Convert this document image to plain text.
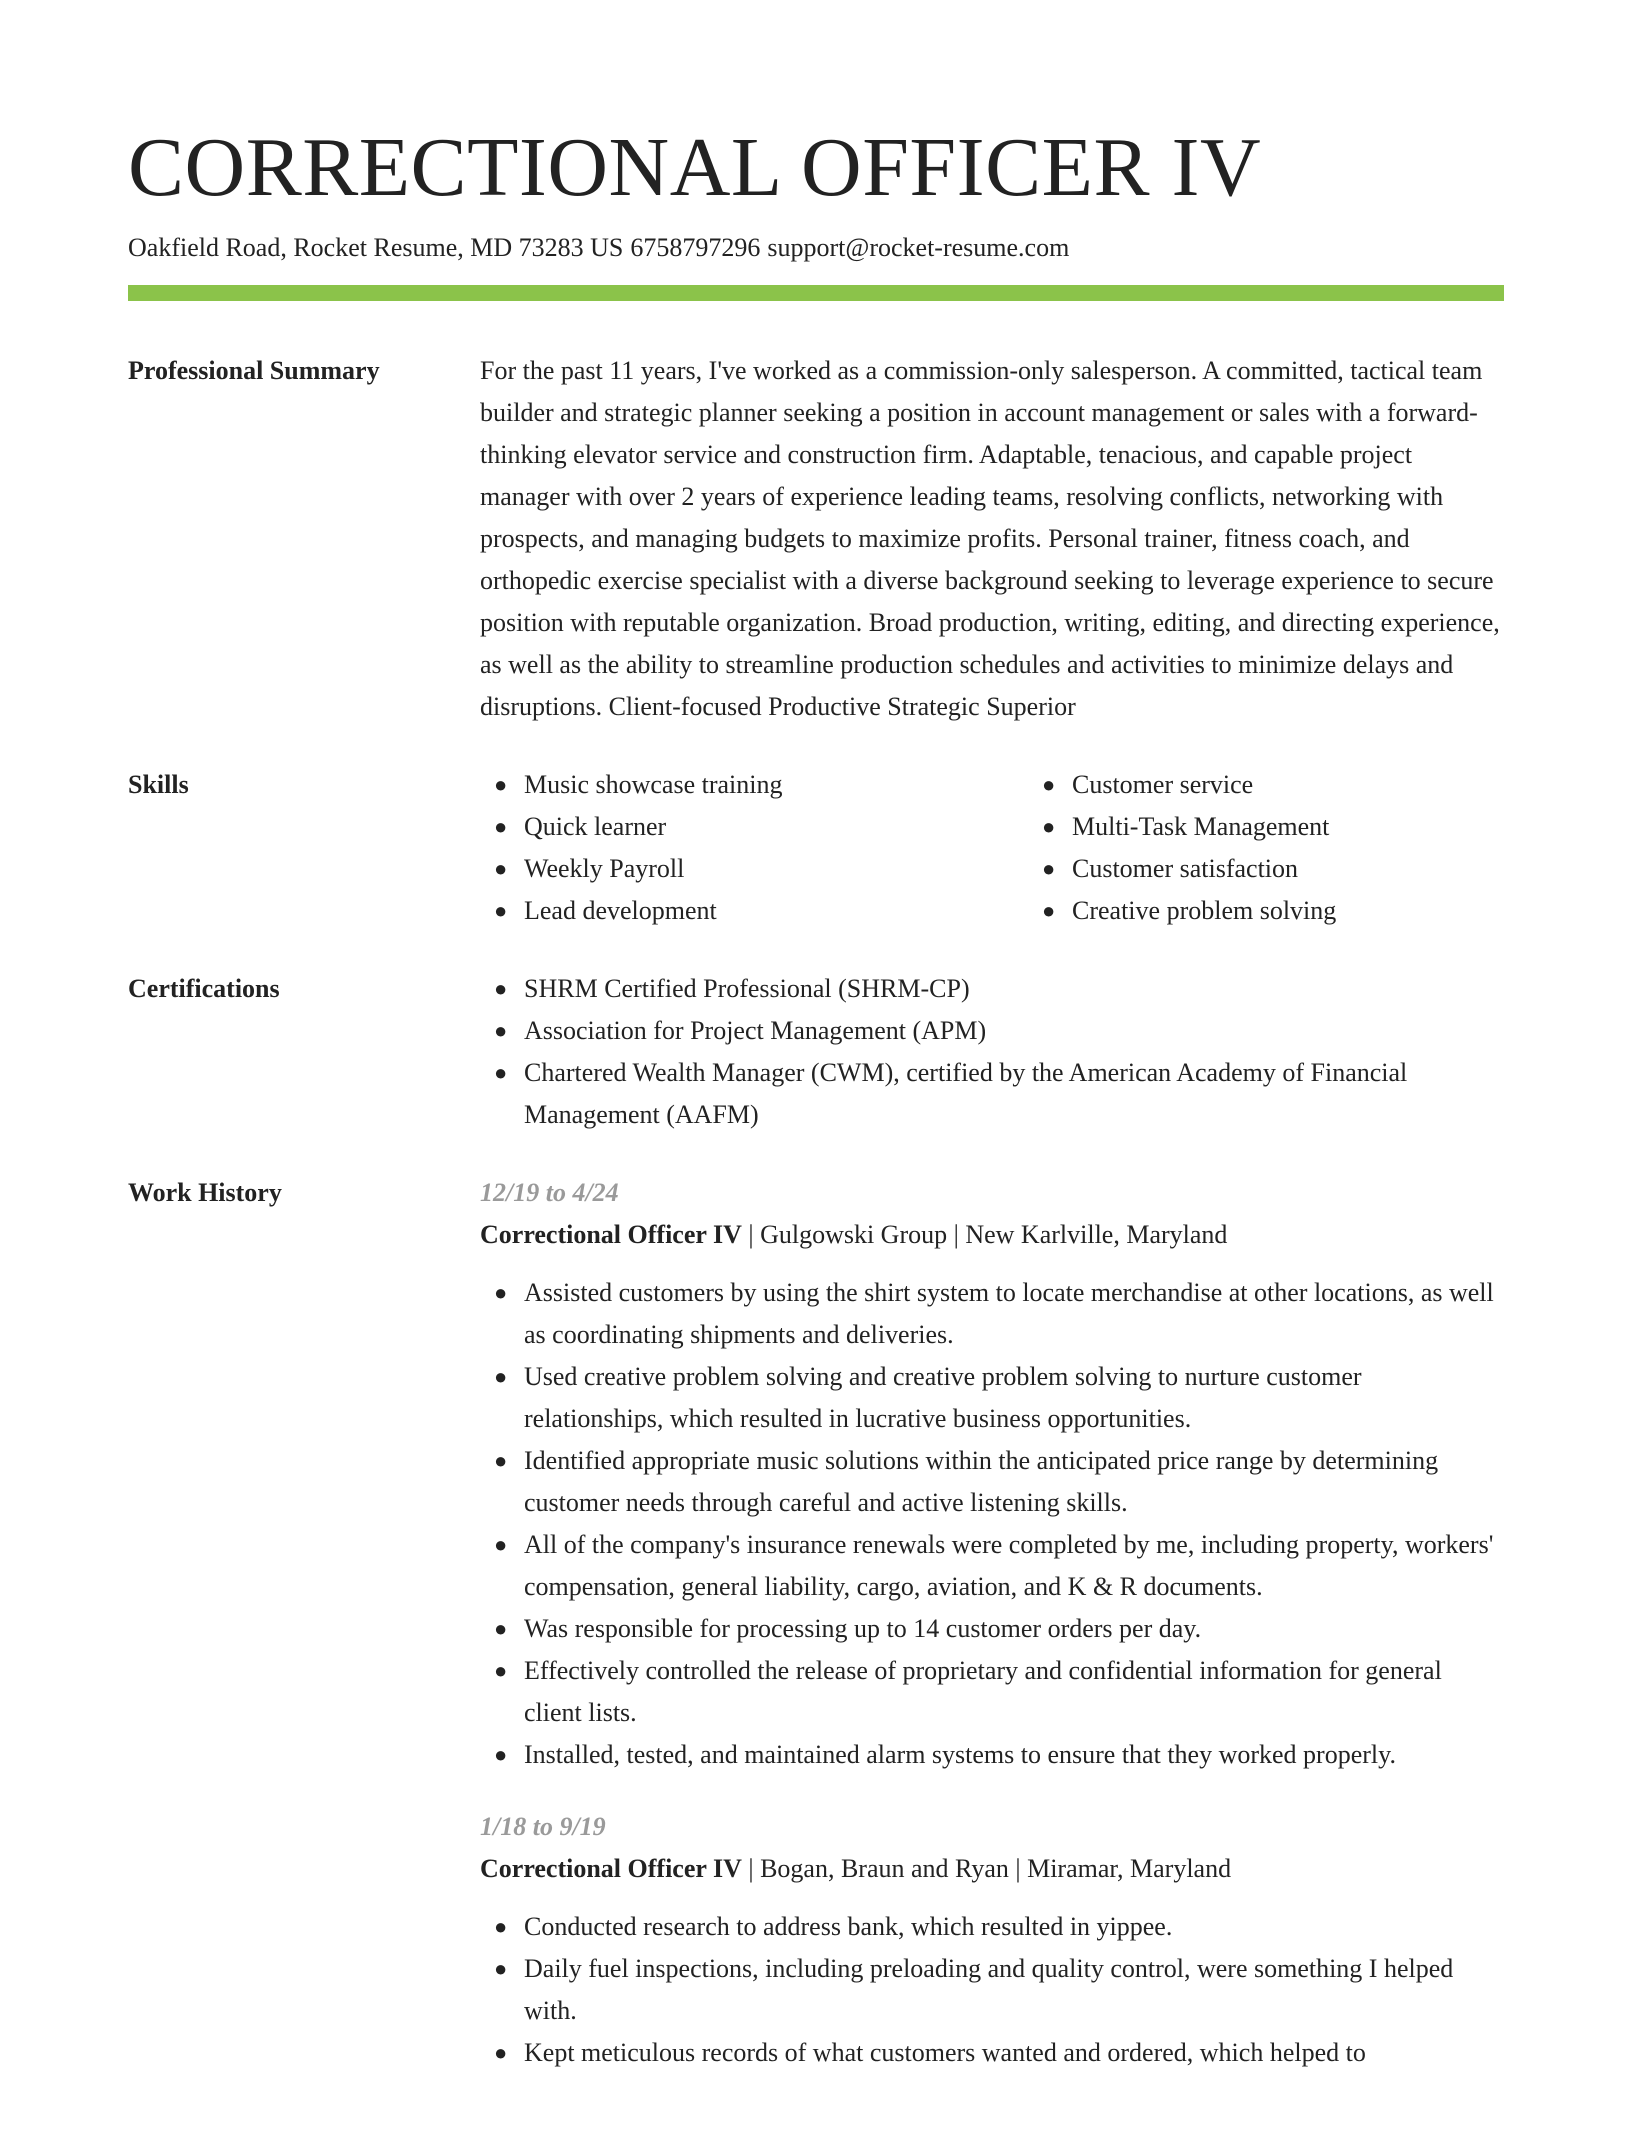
CORRECTIONAL OFFICER IV
Oakfield Road, Rocket Resume, MD 73283 US 6758797296 support@rocket-resume.com
Professional Summary	For the past 11 years, I've worked as a commission-only salesperson. A committed, tactical team builder and strategic planner seeking a position in account management or sales with a forward-thinking elevator service and construction firm. Adaptable, tenacious, and capable project manager with over 2 years of experience leading teams, resolving conflicts, networking with prospects, and managing budgets to maximize profits. Personal trainer, fitness coach, and orthopedic exercise specialist with a diverse background seeking to leverage experience to secure position with reputable organization. Broad production, writing, editing, and directing experience, as well as the ability to streamline production schedules and activities to minimize delays and disruptions. Client-focused Productive Strategic Superior

Skills	● Music showcase training
● Quick learner
● Weekly Payroll
● Lead development
● Customer service
● Multi-Task Management
● Customer satisfaction
● Creative problem solving
Certifications	● SHRM Certified Professional (SHRM-CP)
● Association for Project Management (APM)
● Chartered Wealth Manager (CWM), certified by the American Academy of Financial Management (AAFM)
Work History	12/19 to 4/24
Correctional Officer IV | Gulgowski Group | New Karlville, Maryland
● Assisted customers by using the shirt system to locate merchandise at other locations, as well as coordinating shipments and deliveries.
● Used creative problem solving and creative problem solving to nurture customer relationships, which resulted in lucrative business opportunities.
● Identified appropriate music solutions within the anticipated price range by determining customer needs through careful and active listening skills.
● All of the company's insurance renewals were completed by me, including property, workers' compensation, general liability, cargo, aviation, and K & R documents.
● Was responsible for processing up to 14 customer orders per day.
● Effectively controlled the release of proprietary and confidential information for general client lists.
● Installed, tested, and maintained alarm systems to ensure that they worked properly.
1/18 to 9/19
Correctional Officer IV | Bogan, Braun and Ryan | Miramar, Maryland
● Conducted research to address bank, which resulted in yippee.
● Daily fuel inspections, including preloading and quality control, were something I helped with.
● Kept meticulous records of what customers wanted and ordered, which helped to
